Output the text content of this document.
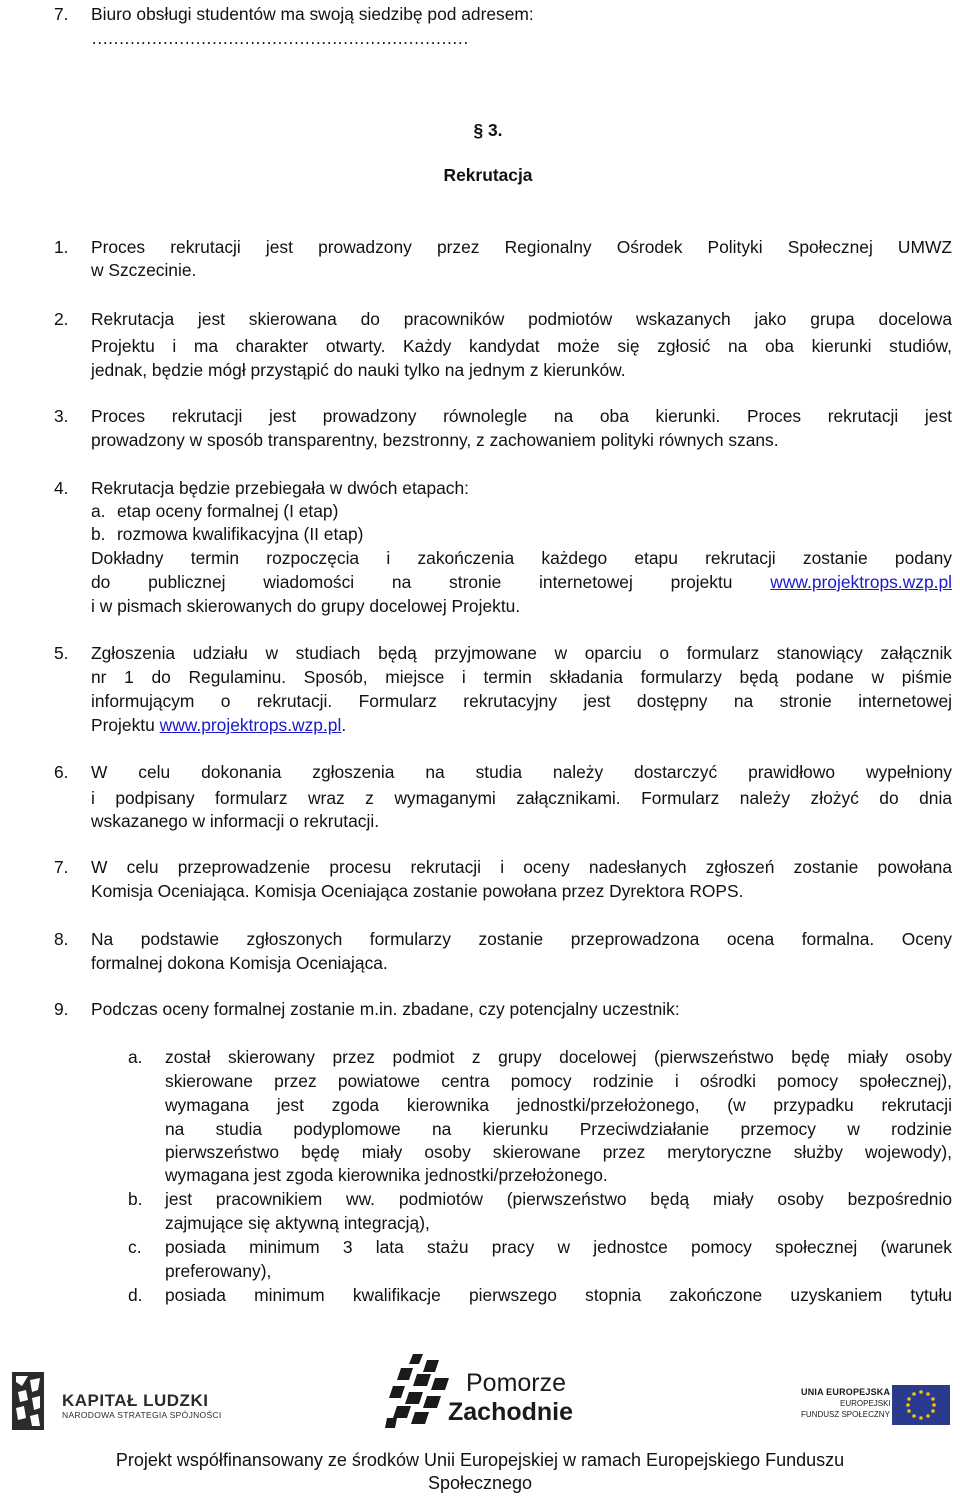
7. Biuro obsługi studentów ma swoją siedzibę pod adresem:
……………………………………………………………
§ 3.
Rekrutacja
1. Proces rekrutacji jest prowadzony przez Regionalny Ośrodek Polityki Społecznej UMWZ
w Szczecinie.
2. Rekrutacja jest skierowana do pracowników podmiotów wskazanych jako grupa docelowa
Projektu i ma charakter otwarty. Każdy kandydat może się zgłosić na oba kierunki studiów,
jednak, będzie mógł przystąpić do nauki tylko na jednym z kierunków.
3. Proces rekrutacji jest prowadzony równolegle na oba kierunki. Proces rekrutacji jest
prowadzony w sposób transparentny, bezstronny, z zachowaniem polityki równych szans.
4. Rekrutacja będzie przebiegała w dwóch etapach:
a. etap oceny formalnej (I etap)
b. rozmowa kwalifikacyjna (II etap)
Dokładny termin rozpoczęcia i zakończenia każdego etapu rekrutacji zostanie podany
do publicznej wiadomości na stronie internetowej projektu www.projektrops.wzp.pl
i w pismach skierowanych do grupy docelowej Projektu.
5. Zgłoszenia udziału w studiach będą przyjmowane w oparciu o formularz stanowiący załącznik
nr 1 do Regulaminu. Sposób, miejsce i termin składania formularzy będą podane w piśmie
informującym o rekrutacji. Formularz rekrutacyjny jest dostępny na stronie internetowej
Projektu www.projektrops.wzp.pl.
6. W celu dokonania zgłoszenia na studia należy dostarczyć prawidłowo wypełniony
i podpisany formularz wraz z wymaganymi załącznikami. Formularz należy złożyć do dnia
wskazanego w informacji o rekrutacji.
7. W celu przeprowadzenie procesu rekrutacji i oceny nadesłanych zgłoszeń zostanie powołana
Komisja Oceniająca. Komisja Oceniająca zostanie powołana przez Dyrektora ROPS.
8. Na podstawie zgłoszonych formularzy zostanie przeprowadzona ocena formalna. Oceny
formalnej dokona Komisja Oceniająca.
9. Podczas oceny formalnej zostanie m.in. zbadane, czy potencjalny uczestnik:
a. został skierowany przez podmiot z grupy docelowej (pierwszeństwo będę miały osoby
skierowane przez powiatowe centra pomocy rodzinie i ośrodki pomocy społecznej),
wymagana jest zgoda kierownika jednostki/przełożonego, (w przypadku rekrutacji
na studia podyplomowe na kierunku Przeciwdziałanie przemocy w rodzinie
pierwszeństwo będę miały osoby skierowane przez merytoryczne służby wojewody),
wymagana jest zgoda kierownika jednostki/przełożonego.
b. jest pracownikiem ww. podmiotów (pierwszeństwo będą miały osoby bezpośrednio
zajmujące się aktywną integracją),
c. posiada minimum 3 lata stażu pracy w jednostce pomocy społecznej (warunek
preferowany),
d. posiada minimum kwalifikacje pierwszego stopnia zakończone uzyskaniem tytułu
KAPITAŁ LUDZKI
NARODOWA STRATEGIA SPÓJNOŚCI
Pomorze
Zachodnie
UNIA EUROPEJSKA
EUROPEJSKI
FUNDUSZ SPOŁECZNY
Projekt współfinansowany ze środków Unii Europejskiej w ramach Europejskiego Funduszu
Społecznego
